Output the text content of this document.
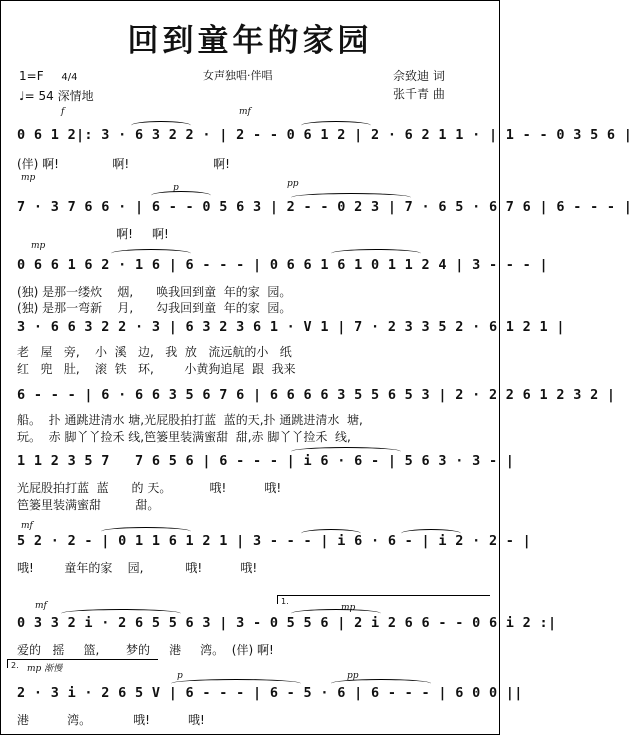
回到童年的家园
1=F 4/4
♩= 54 深情地
女声独唱·伴唱	佘致迪 词
张千青 曲
f	mf
0 6 1 2|: 3 · 6 3 2 2 · | 2 - - 0 6 1 2 | 2 · 6 2 1 1 · | 1 - - 0 3 5 6 |
(伴) 啊!              啊!                      啊!
mp
p	pp
7 · 3 7 6 6 · | 6 - - 0 5 6 3 | 2 - - 0 2 3 | 7 · 6 5 · 6 7 6 | 6 - - - |
啊!     啊!
mp
0 6 6 1 6 2 · 1 6 | 6 - - - | 0 6 6 1 6 1 0 1 1 2 4 | 3 - - - |
(独) 是那一缕炊    烟,      唤我回到童  年的家  园。
(独) 是那一弯新    月,      勾我回到童  年的家  园。
3 · 6 6 3 2 2 · 3 | 6 3 2 3 6 1 · V 1 | 7 · 2 3 3 5 2 · 6 1 2 1 |
老   屋   旁,    小  溪   边,   我  放   流远航的小   纸
红   兜   肚,    滚  铁   环,        小黄狗追尾  跟  我来
6 - - - | 6 · 6 6 3 5 6 7 6 | 6 6 6 6 3 5 5 6 5 3 | 2 · 2 2 6 1 2 3 2 |
船。  扑 通跳进清水 塘,光屁股拍打蓝  蓝的天,扑 通跳进清水  塘,
玩。  赤 脚丫丫捡禾 线,笆篓里装满蜜甜  甜,赤 脚丫丫捡禾  线,
1 1 2 3 5 7   7 6 5 6 | 6 - - - | i 6 · 6 - | 5 6 3 · 3 - |
光屁股拍打蓝  蓝      的 天。          哦!          哦!
笆篓里装满蜜甜         甜。
mf
5 2 · 2 - | 0 1 1 6 1 2 1 | 3 - - - | i 6 · 6 - | i 2 · 2 - |
哦!        童年的家    园,           哦!          哦!
1.
mf	mp
0 3 3 2 i · 2 6 5 5 6 3 | 3 - 0 5 5 6 | 2 i 2 6 6 - - 0 6 i 2 :|
爱的   摇     篮,       梦的     港     湾。  (伴) 啊!
2. mp 渐慢
p	pp
2 · 3 i · 2 6 5 V | 6 - - - | 6 - 5 · 6 | 6 - - - | 6 0 0 ||
港          湾。           哦!          哦!
